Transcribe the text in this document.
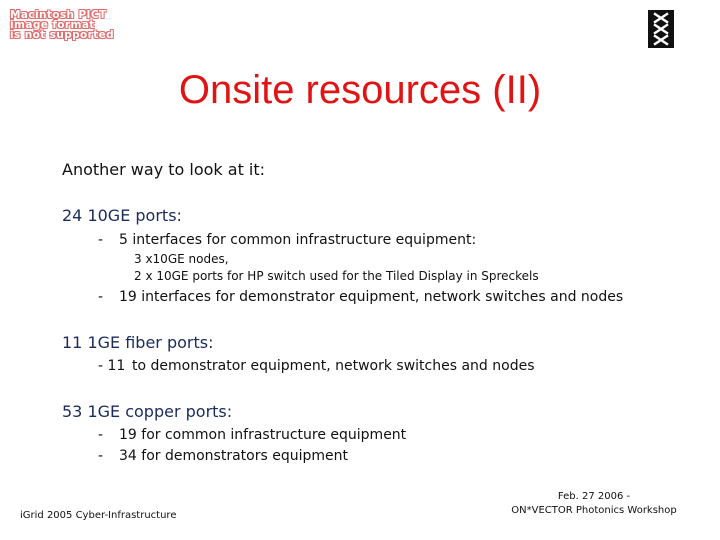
Macintosh PICT
image format
is not supported
Onsite resources (II)
Another way to look at it:
24 10GE ports:
- 5 interfaces for common infrastructure equipment:
3 x10GE nodes,
2 x 10GE ports for HP switch used for the Tiled Display in Spreckels
- 19 interfaces for demonstrator equipment, network switches and nodes
11 1GE fiber ports:
- 11 to demonstrator equipment, network switches and nodes
53 1GE copper ports:
- 19 for common infrastructure equipment
- 34 for demonstrators equipment
iGrid 2005 Cyber-Infrastructure
Feb. 27 2006 -
ON*VECTOR Photonics Workshop
